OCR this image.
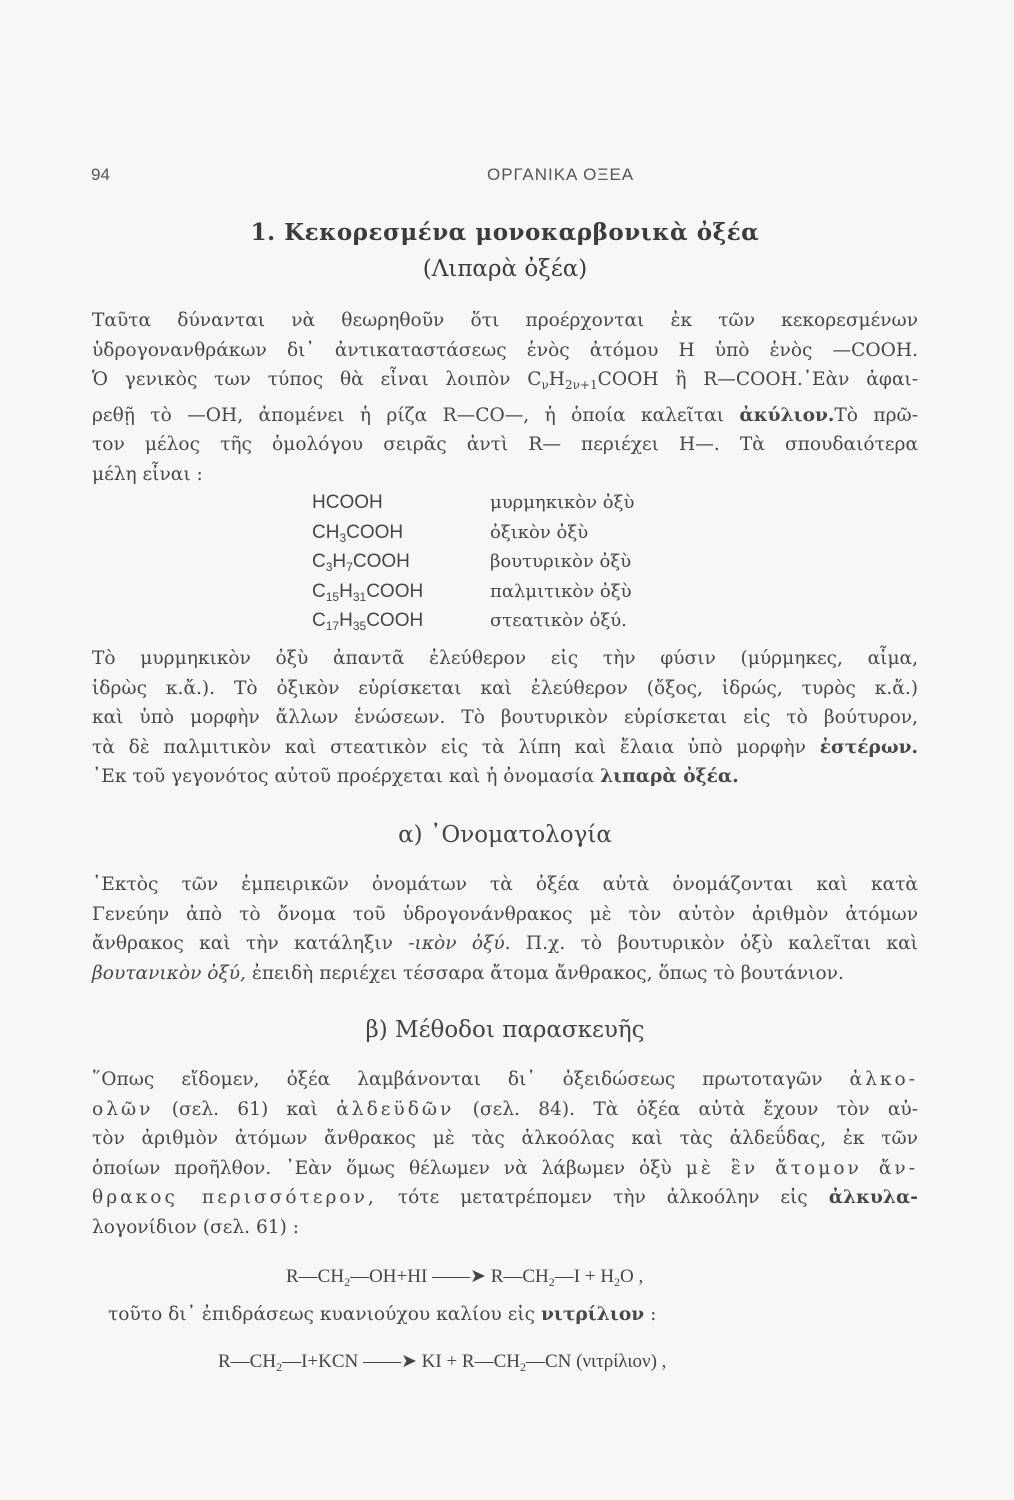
94	ΟΡΓΑΝΙΚΑ ΟΞΕΑ
1. Κεκορεσμένα μονοκαρβονικὰ ὀξέα
(Λιπαρὰ ὀξέα)
Ταῦτα δύνανται νὰ θεωρηθοῦν ὅτι προέρχονται ἐκ τῶν κεκορεσμένων
ὑδρογονανθράκων δι᾽ ἀντικαταστάσεως ἑνὸς ἀτόμου Η ὑπὸ ἑνὸς —COOH.
Ὁ γενικὸς των τύπος θὰ εἶναι λοιπὸν $C_\nu H_{2\nu+1}COOH$ ἢ R—COOH.᾽Εὰν ἀφαι-
ρεθῇ τὸ —OH, ἀπομένει ἡ ρίζα R—CO—, ἡ ὁποία καλεῖται ἀκύλιον.Τὸ πρῶ-
τον μέλος τῆς ὁμολόγου σειρᾶς ἀντὶ R— περιέχει H—. Τὰ σπουδαιότερα
μέλη εἶναι :
HCOOH	μυρμηκικὸν ὀξὺ
$CH_3COOH$	ὀξικὸν ὀξὺ
$C_3H_7COOH$	βουτυρικὸν ὀξὺ
$C_{15}H_{31}COOH$	παλμιτικὸν ὀξὺ
$C_{17}H_{35}COOH$	στεατικὸν ὀξύ.
Τὸ μυρμηκικὸν ὀξὺ ἀπαντᾶ ἐλεύθερον εἰς τὴν φύσιν (μύρμηκες, αἷμα,
ἱδρὼς κ.ἄ.). Τὸ ὀξικὸν εὑρίσκεται καὶ ἐλεύθερον (ὄξος, ἱδρώς, τυρὸς κ.ἄ.)
καὶ ὑπὸ μορφὴν ἄλλων ἑνώσεων. Τὸ βουτυρικὸν εὑρίσκεται εἰς τὸ βούτυρον,
τὰ δὲ παλμιτικὸν καὶ στεατικὸν εἰς τὰ λίπη καὶ ἔλαια ὑπὸ μορφὴν ἐστέρων.
᾽Εκ τοῦ γεγονότος αὐτοῦ προέρχεται καὶ ἡ ὀνομασία λιπαρὰ ὀξέα.
α) ᾽Ονοματολογία
᾽Εκτὸς τῶν ἐμπειρικῶν ὀνομάτων τὰ ὀξέα αὐτὰ ὀνομάζονται καὶ κατὰ
Γενεύην ἀπὸ τὸ ὄνομα τοῦ ὑδρογονάνθρακος μὲ τὸν αὐτὸν ἀριθμὸν ἀτόμων
ἄνθρακος καὶ τὴν κατάληξιν -ικὸν ὀξύ. Π.χ. τὸ βουτυρικὸν ὀξὺ καλεῖται καὶ
βουτανικὸν ὀξύ, ἐπειδὴ περιέχει τέσσαρα ἄτομα ἄνθρακος, ὅπως τὸ βουτάνιον.
β) Μέθοδοι παρασκευῆς
῞Οπως εἴδομεν, ὀξέα λαμβάνονται δι᾽ ὀξειδώσεως πρωτοταγῶν ἀλκο-
ολῶν (σελ. 61) καὶ ἀλδεϋδῶν (σελ. 84). Τὰ ὀξέα αὐτὰ ἔχουν τὸν αὐ-
τὸν ἀριθμὸν ἀτόμων ἄνθρακος μὲ τὰς ἀλκοόλας καὶ τὰς ἀλδεΰδας, ἐκ τῶν
ὁποίων προῆλθον. ᾽Εὰν ὅμως θέλωμεν νὰ λάβωμεν ὀξὺ μὲ ἓν ἄτομον ἄν-
θρακος περισσότερον, τότε μετατρέπομεν τὴν ἀλκοόλην εἰς ἀλκυλα-
λογονίδιον (σελ. 61) :
$R—CH_2—OH+HI$ ——➤ $R—CH_2—I + H_2O$ ,
τοῦτο δι᾽ ἐπιδράσεως κυανιούχου καλίου εἰς νιτρίλιον :
$R—CH_2—I+KCN$ ——➤ KI + $R—CH_2—CN$ (νιτρίλιον) ,
